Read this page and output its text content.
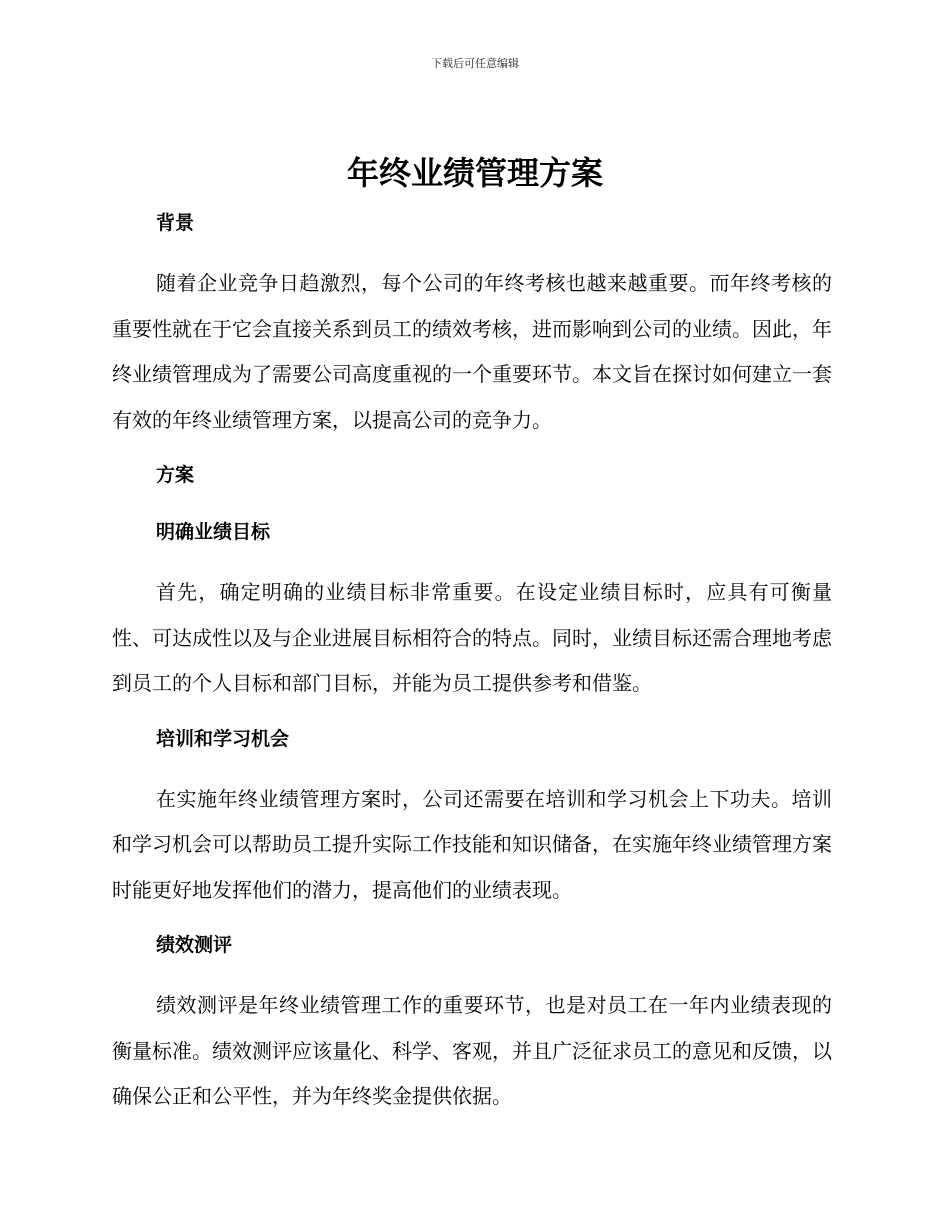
下载后可任意编辑
年终业绩管理方案
背景

随着企业竞争日趋激烈，每个公司的年终考核也越来越重要。而年终考核的重要性就在于它会直接关系到员工的绩效考核，进而影响到公司的业绩。因此，年终业绩管理成为了需要公司高度重视的一个重要环节。本文旨在探讨如何建立一套有效的年终业绩管理方案，以提高公司的竞争力。

方案
明确业绩目标

首先，确定明确的业绩目标非常重要。在设定业绩目标时，应具有可衡量性、可达成性以及与企业进展目标相符合的特点。同时，业绩目标还需合理地考虑到员工的个人目标和部门目标，并能为员工提供参考和借鉴。

培训和学习机会

在实施年终业绩管理方案时，公司还需要在培训和学习机会上下功夫。培训和学习机会可以帮助员工提升实际工作技能和知识储备，在实施年终业绩管理方案时能更好地发挥他们的潜力，提高他们的业绩表现。

绩效测评

绩效测评是年终业绩管理工作的重要环节，也是对员工在一年内业绩表现的衡量标准。绩效测评应该量化、科学、客观，并且广泛征求员工的意见和反馈，以确保公正和公平性，并为年终奖金提供依据。
